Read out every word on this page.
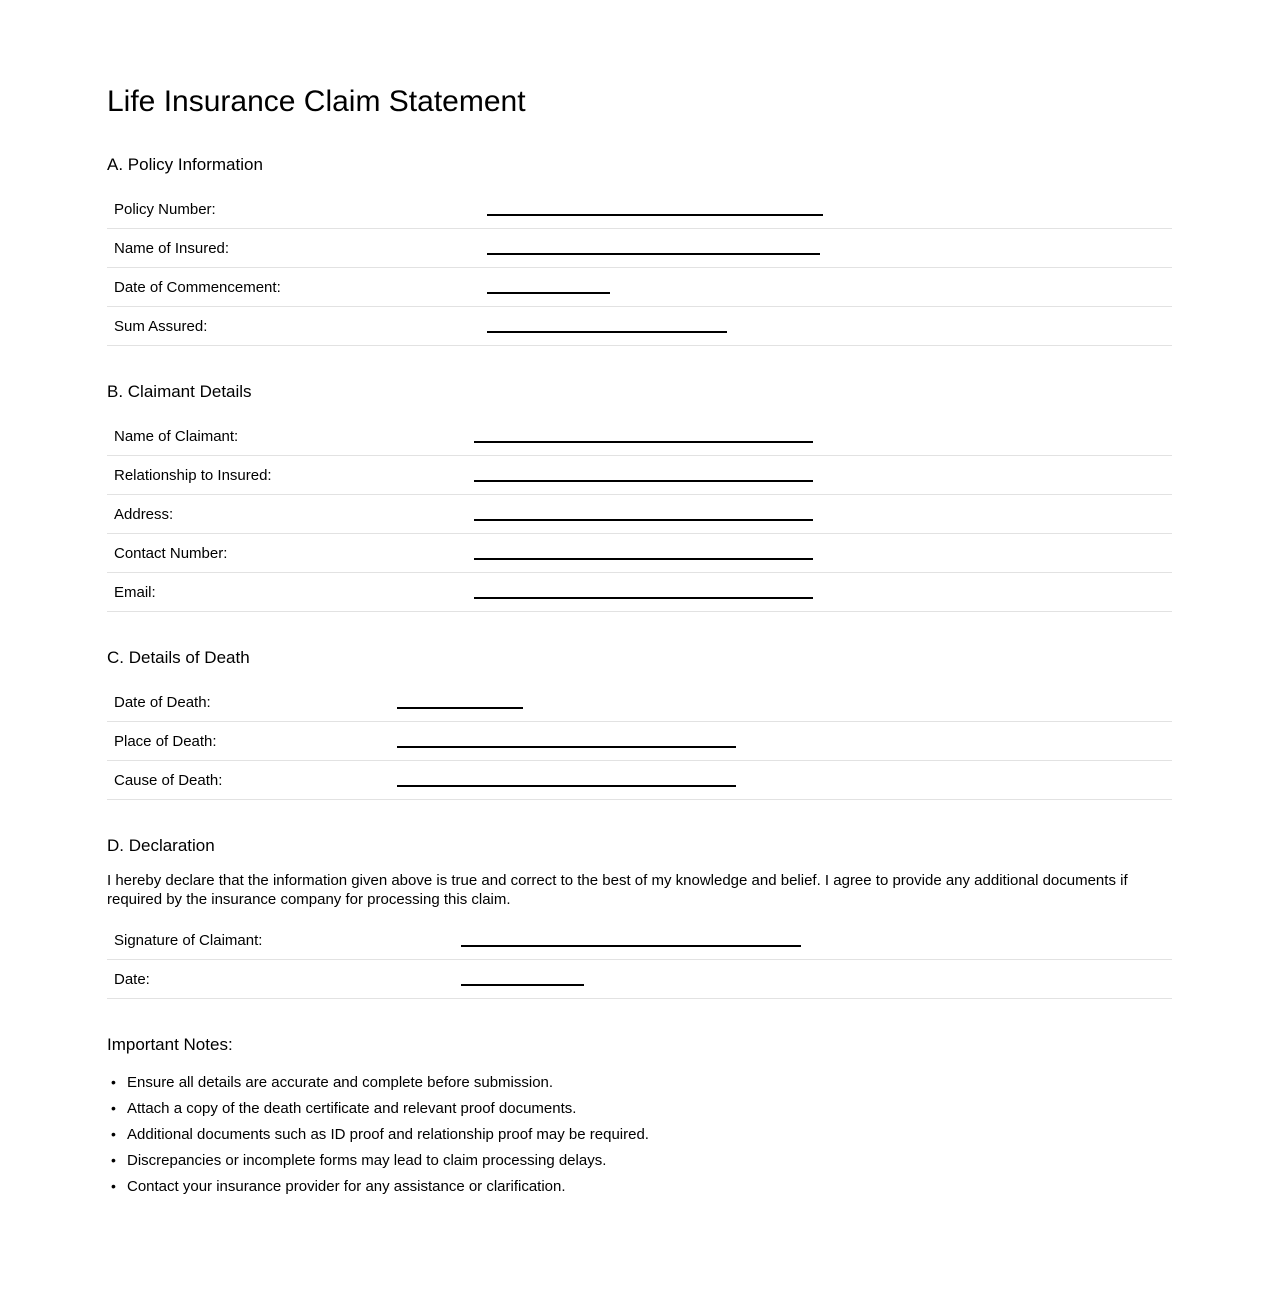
Life Insurance Claim Statement
A. Policy Information
Policy Number:
Name of Insured:
Date of Commencement:
Sum Assured:
B. Claimant Details
Name of Claimant:
Relationship to Insured:
Address:
Contact Number:
Email:
C. Details of Death
Date of Death:
Place of Death:
Cause of Death:
D. Declaration

I hereby declare that the information given above is true and correct to the best of my knowledge and belief. I agree to provide any additional documents if required by the insurance company for processing this claim.

Signature of Claimant:
Date:
Important Notes:
• Ensure all details are accurate and complete before submission.
• Attach a copy of the death certificate and relevant proof documents.
• Additional documents such as ID proof and relationship proof may be required.
• Discrepancies or incomplete forms may lead to claim processing delays.
• Contact your insurance provider for any assistance or clarification.
